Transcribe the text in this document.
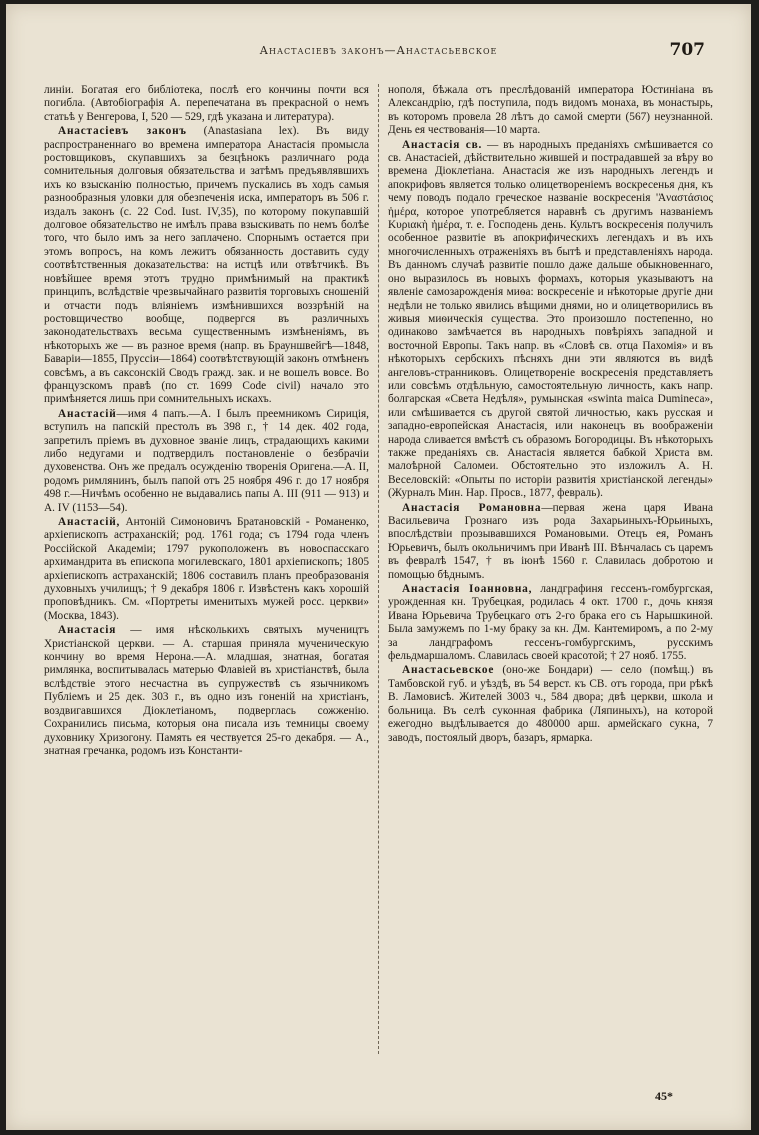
Анастасіевъ законъ—Анастасьевское	707

линіи. Богатая его библіотека, послѣ его кончины почти вся погибла. (Автобіографія А. перепечатана въ прекрасной о немъ статьѣ у Венгерова, I, 520 — 529, гдѣ указана и литература).

Анастасіевъ законъ (Anastasiana lex). Въ виду распространеннаго во времена императора Анастасія промысла ростовщиковъ, скупавшихъ за безцѣнокъ различнаго рода сомнительныя долговыя обязательства и затѣмъ предъявлявшихъ ихъ ко взысканію полностью, причемъ пускались въ ходъ самыя разнообразныя уловки для обезпеченія иска, императоръ въ 506 г. издалъ законъ (с. 22 Cod. Iust. IV,35), по которому покупавшій долговое обязательство не имѣлъ права взыскивать по немъ болѣе того, что было имъ за него заплачено. Спорнымъ остается при этомъ вопросъ, на комъ лежитъ обязанность доставить суду соотвѣтственныя доказательства: на истцѣ или отвѣтчикѣ. Въ новѣйшее время этотъ трудно примѣнимый на практикѣ принципъ, вслѣдствіе чрезвычайнаго развитія торговыхъ сношеній и отчасти подъ вліяніемъ измѣнившихся воззрѣній на ростовщичество вообще, подвергся въ различныхъ законодательствахъ весьма существеннымъ измѣненіямъ, въ нѣкоторыхъ же — въ разное время (напр. въ Брауншвейгѣ—1848, Баваріи—1855, Пруссіи—1864) соотвѣтствующій законъ отмѣненъ совсѣмъ, а въ саксонскій Сводъ гражд. зак. и не вошелъ вовсе. Во французскомъ правѣ (по ст. 1699 Code civil) начало это примѣняется лишь при сомнительныхъ искахъ.

Анастасій—имя 4 папъ.—А. I былъ преемникомъ Сириція, вступилъ на папскій престолъ въ 398 г., † 14 дек. 402 года, запретилъ пріемъ въ духовное званіе лицъ, страдающихъ какими либо недугами и подтвердилъ постановленіе о безбрачіи духовенства. Онъ же предалъ осужденію творенія Оригена.—А. II, родомъ римлянинъ, былъ папой отъ 25 ноября 496 г. до 17 ноября 498 г.—Ничѣмъ особенно не выдавались папы А. III (911 — 913) и А. IV (1153—54).

Анастасій, Антоній Симоновичъ Братановскій - Романенко, архіепископъ астраханскій; род. 1761 года; съ 1794 года членъ Россійской Академіи; 1797 рукоположенъ въ новоспасскаго архимандрита въ епископа могилевскаго, 1801 архіепископъ; 1805 архіепископъ астраханскій; 1806 составилъ планъ преобразованія духовныхъ училищъ; † 9 декабря 1806 г. Извѣстенъ какъ хорошій проповѣдникъ. См. «Портреты именитыхъ мужей росс. церкви» (Москва, 1843).

Анастасія — имя нѣсколькихъ святыхъ мучеництъ Христіанской церкви. — А. старшая приняла мученическую кончину во время Нерона.—А. младшая, знатная, богатая римлянка, воспитывалась матерью Флавіей въ христіанствѣ, была вслѣдствіе этого несчастна въ супружествѣ съ язычникомъ Публіемъ и 25 дек. 303 г., въ одно изъ гоненій на христіанъ, воздвигавшихся Діоклетіаномъ, подверглась сожженію. Сохранились письма, которыя она писала изъ темницы своему духовнику Хризогону. Память ея чествуется 25-го декабря. — А., знатная гречанка, родомъ изъ Константи-

нополя, бѣжала отъ преслѣдованій императора Юстиніана въ Александрію, гдѣ поступила, подъ видомъ монаха, въ монастырь, въ которомъ провела 28 лѣтъ до самой смерти (567) неузнанной. День ея чествованія—10 марта.

Анастасія св. — въ народныхъ преданіяхъ смѣшивается со св. Анастасіей, дѣйствительно жившей и пострадавшей за вѣру во времена Діоклетіана. Анастасія же изъ народныхъ легендъ и апокрифовъ является только олицетвореніемъ воскресенья дня, къ чему поводъ подало греческое названіе воскресенія 'Ἀναστάσιος ἡμέρα, которое употребляется наравнѣ съ другимъ названіемъ Κυριακὴ ἡμέρα, т. е. Господень день. Культъ воскресенія получилъ особенное развитіе въ апокрифическихъ легендахъ и въ ихъ многочисленныхъ отраженіяхъ въ бытѣ и представленіяхъ народа. Въ данномъ случаѣ развитіе пошло даже дальше обыкновеннаго, оно выразилось въ новыхъ формахъ, которыя указываютъ на явленіе самозарожденія миѳа: воскресеніе и нѣкоторые другіе дни недѣли не только явились вѣщими днями, но и олицетворились въ живыя миѳическія существа. Это произошло постепенно, но одинаково замѣчается въ народныхъ повѣріяхъ западной и восточной Европы. Такъ напр. въ «Словѣ св. отца Пахомія» и въ нѣкоторыхъ сербскихъ пѣсняхъ дни эти являются въ видѣ ангеловъ-странниковъ. Олицетвореніе воскресенія представляетъ или совсѣмъ отдѣльную, самостоятельную личность, какъ напр. болгарская «Света Недѣля», румынская «swinta maica Duminеса», или смѣшивается съ другой святой личностью, какъ русская и западно-европейская Анастасія, или наконецъ въ воображеніи народа сливается вмѣстѣ съ образомъ Богородицы. Въ нѣкоторыхъ также преданіяхъ св. Анастасія является бабкой Христа вм. малоѣрной Саломеи. Обстоятельно это изложилъ А. Н. Веселовскій: «Опыты по исторіи развитія христіанской легенды» (Журналъ Мин. Нар. Просв., 1877, февраль).

Анастасія Романовна—первая жена царя Ивана Васильевича Грознаго изъ рода Захарьиныхъ-Юрьиныхъ, впослѣдствіи прозывавшихся Романовыми. Отецъ ея, Романъ Юрьевичъ, былъ окольничимъ при Иванѣ III. Вѣнчалась съ царемъ въ февралѣ 1547, † въ іюнѣ 1560 г. Славилась добротою и помощью бѣднымъ.

Анастасія Іоанновна, ландграфиня гессенъ-гомбургская, урожденная кн. Трубецкая, родилась 4 окт. 1700 г., дочь князя Ивана Юрьевича Трубецкаго отъ 2-го брака его съ Нарышкиной. Была замужемъ по 1-му браку за кн. Дм. Кантемиромъ, а по 2-му за ландграфомъ гессенъ-гомбургскимъ, русскимъ фельдмаршаломъ. Славилась своей красотой; † 27 нояб. 1755.

Анастасьевское (оно-же Бондари) — село (помѣщ.) въ Тамбовской губ. и уѣздѣ, въ 54 верст. къ СВ. отъ города, при рѣкѣ В. Ламовисѣ. Жителей 3003 ч., 584 двора; двѣ церкви, школа и больница. Въ селѣ суконная фабрика (Ляпиныхъ), на которой ежегодно выдѣлывается до 480000 арш. армейскаго сукна, 7 заводъ, постоялый дворъ, базаръ, ярмарка.

45*
